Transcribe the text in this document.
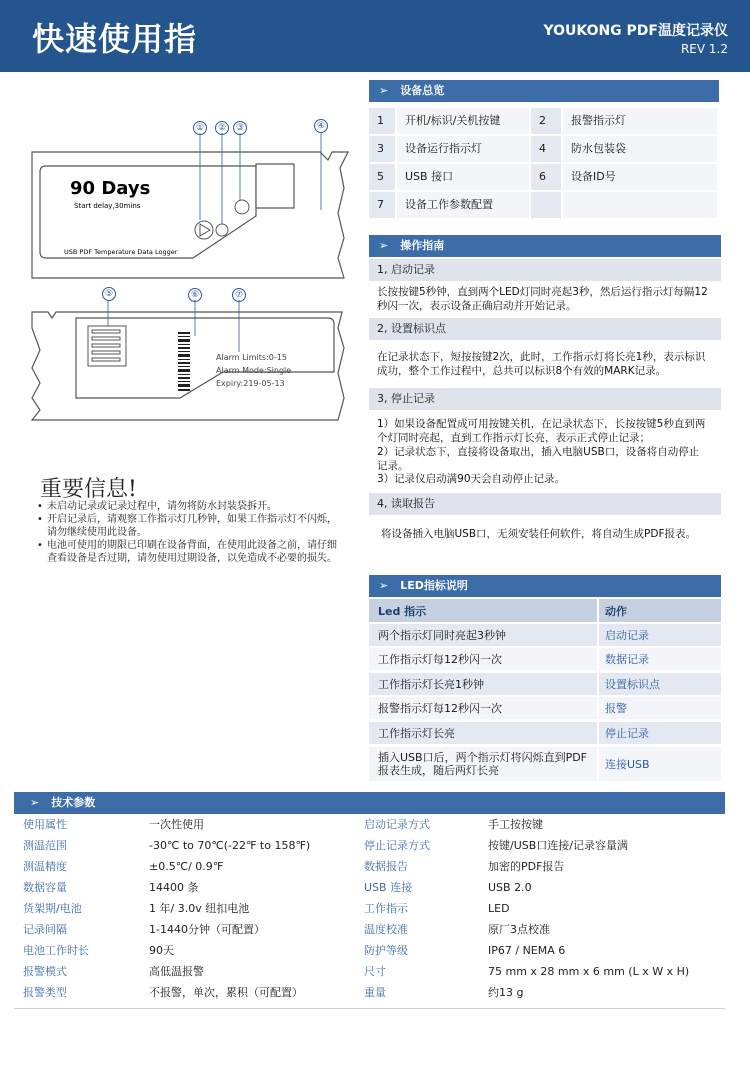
快速使用指	YOUKONG PDF温度记录仪
REV 1.2
90 Days
Start delay,30mins
USB PDF Temperature Data Logger
①	②	③	④
Alarm Limits:0-15
Alarm Mode:Single
Expiry:219-05-13
⑤	⑥	⑦
重要信息!
• 未启动记录或记录过程中，请勿将防水封装袋拆开。
• 开启记录后，请观察工作指示灯几秒钟，如果工作指示灯不闪烁，请勿继续使用此设备。
• 电池可使用的期限已印刷在设备背面，在使用此设备之前，请仔细查看设备是否过期，请勿使用过期设备，以免造成不必要的损失。
➢ 设备总览
1	开机/标识/关机按键	2	报警指示灯
3	设备运行指示灯	4	防水包装袋
5	USB 接口	6	设备ID号
7	设备工作参数配置
➢ 操作指南
1, 启动记录
长按按键5秒钟，直到两个LED灯同时亮起3秒，然后运行指示灯每隔12秒闪一次，表示设备正确启动并开始记录。
2, 设置标识点
在记录状态下，短按按键2次，此时，工作指示灯将长亮1秒，表示标识成功，整个工作过程中，总共可以标识8个有效的MARK记录。
3, 停止记录
1）如果设备配置成可用按键关机，在记录状态下，长按按键5秒直到两个灯同时亮起，直到工作指示灯长亮，表示正式停止记录；
2）记录状态下，直接将设备取出，插入电脑USB口，设备将自动停止 记录。
3）记录仪启动满90天会自动停止记录。
4, 读取报告
将设备插入电脑USB口，无须安装任何软件，将自动生成PDF报表。
➢ LED指标说明
Led 指示	动作
两个指示灯同时亮起3秒钟	启动记录
工作指示灯每12秒闪一次	数据记录
工作指示灯长亮1秒钟	设置标识点
报警指示灯每12秒闪一次	报警
工作指示灯长亮	停止记录
插入USB口后，两个指示灯将闪烁直到PDF报表生成，随后两灯长亮	连接USB
➢ 技术参数
使用属性	一次性使用	启动记录方式	手工按按键
测温范围	-30℃ to 70℃(-22℉ to 158℉)	停止记录方式	按键/USB口连接/记录容量满
测温精度	±0.5℃/ 0.9℉	数据报告	加密的PDF报告
数据容量	14400 条	USB 连接	USB 2.0
货架期/电池	1 年/ 3.0v 纽扣电池	工作指示	LED
记录间隔	1-1440分钟（可配置）	温度校准	原厂3点校准
电池工作时长	90天	防护等级	IP67 / NEMA 6
报警模式	高低温报警	尺寸	75 mm x 28 mm x 6 mm (L x W x H)
报警类型	不报警，单次，累积（可配置）	重量	约13 g
